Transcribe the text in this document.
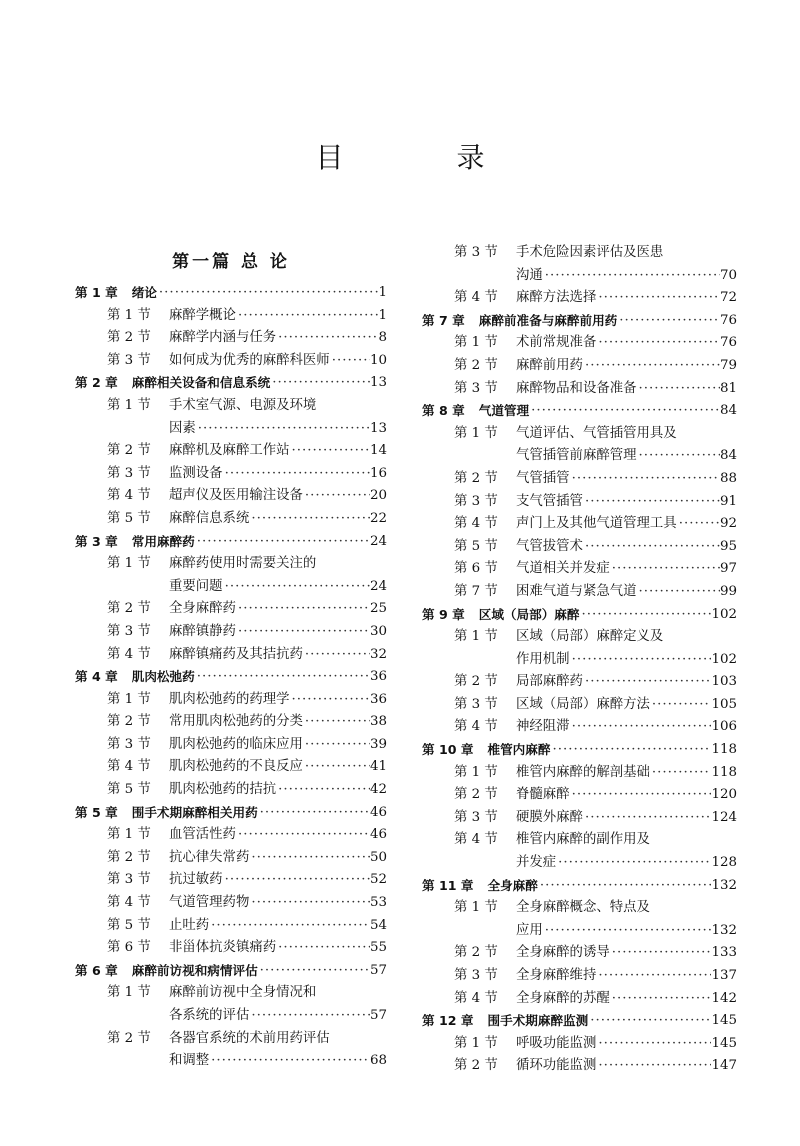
目 录
第一篇 总 论
第 1 章 绪论 ·····	1
第 1 节 麻醉学概论 ·····	1
第 2 节 麻醉学内涵与任务 ·····	8
第 3 节 如何成为优秀的麻醉科医师 ·····	10
第 2 章 麻醉相关设备和信息系统 ·····	13
第 1 节 手术室气源、电源及环境
因素 ·····	13
第 2 节 麻醉机及麻醉工作站 ·····	14
第 3 节 监测设备 ·····	16
第 4 节 超声仪及医用输注设备 ·····	20
第 5 节 麻醉信息系统 ·····	22
第 3 章 常用麻醉药 ·····	24
第 1 节 麻醉药使用时需要关注的
重要问题 ·····	24
第 2 节 全身麻醉药 ·····	25
第 3 节 麻醉镇静药 ·····	30
第 4 节 麻醉镇痛药及其拮抗药 ·····	32
第 4 章 肌肉松弛药 ·····	36
第 1 节 肌肉松弛药的药理学 ·····	36
第 2 节 常用肌肉松弛药的分类 ·····	38
第 3 节 肌肉松弛药的临床应用 ·····	39
第 4 节 肌肉松弛药的不良反应 ·····	41
第 5 节 肌肉松弛药的拮抗 ·····	42
第 5 章 围手术期麻醉相关用药 ·····	46
第 1 节 血管活性药 ·····	46
第 2 节 抗心律失常药 ·····	50
第 3 节 抗过敏药 ·····	52
第 4 节 气道管理药物 ·····	53
第 5 节 止吐药 ·····	54
第 6 节 非甾体抗炎镇痛药 ·····	55
第 6 章 麻醉前访视和病情评估 ·····	57
第 1 节 麻醉前访视中全身情况和
各系统的评估 ·····	57
第 2 节 各器官系统的术前用药评估
和调整 ·····	68
第 3 节 手术危险因素评估及医患
沟通 ·····	70
第 4 节 麻醉方法选择 ·····	72
第 7 章 麻醉前准备与麻醉前用药 ·····	76
第 1 节 术前常规准备 ·····	76
第 2 节 麻醉前用药 ·····	79
第 3 节 麻醉物品和设备准备 ·····	81
第 8 章 气道管理 ·····	84
第 1 节 气道评估、气管插管用具及
气管插管前麻醉管理 ·····	84
第 2 节 气管插管 ·····	88
第 3 节 支气管插管 ·····	91
第 4 节 声门上及其他气道管理工具 ·····	92
第 5 节 气管拔管术 ·····	95
第 6 节 气道相关并发症 ·····	97
第 7 节 困难气道与紧急气道 ·····	99
第 9 章 区域（局部）麻醉 ·····	102
第 1 节 区域（局部）麻醉定义及
作用机制 ·····	102
第 2 节 局部麻醉药 ·····	103
第 3 节 区域（局部）麻醉方法 ·····	105
第 4 节 神经阻滞 ·····	106
第 10 章 椎管内麻醉 ·····	118
第 1 节 椎管内麻醉的解剖基础 ·····	118
第 2 节 脊髓麻醉 ·····	120
第 3 节 硬膜外麻醉 ·····	124
第 4 节 椎管内麻醉的副作用及
并发症 ·····	128
第 11 章 全身麻醉 ·····	132
第 1 节 全身麻醉概念、特点及
应用 ·····	132
第 2 节 全身麻醉的诱导 ·····	133
第 3 节 全身麻醉维持 ·····	137
第 4 节 全身麻醉的苏醒 ·····	142
第 12 章 围手术期麻醉监测 ·····	145
第 1 节 呼吸功能监测 ·····	145
第 2 节 循环功能监测 ·····	147
